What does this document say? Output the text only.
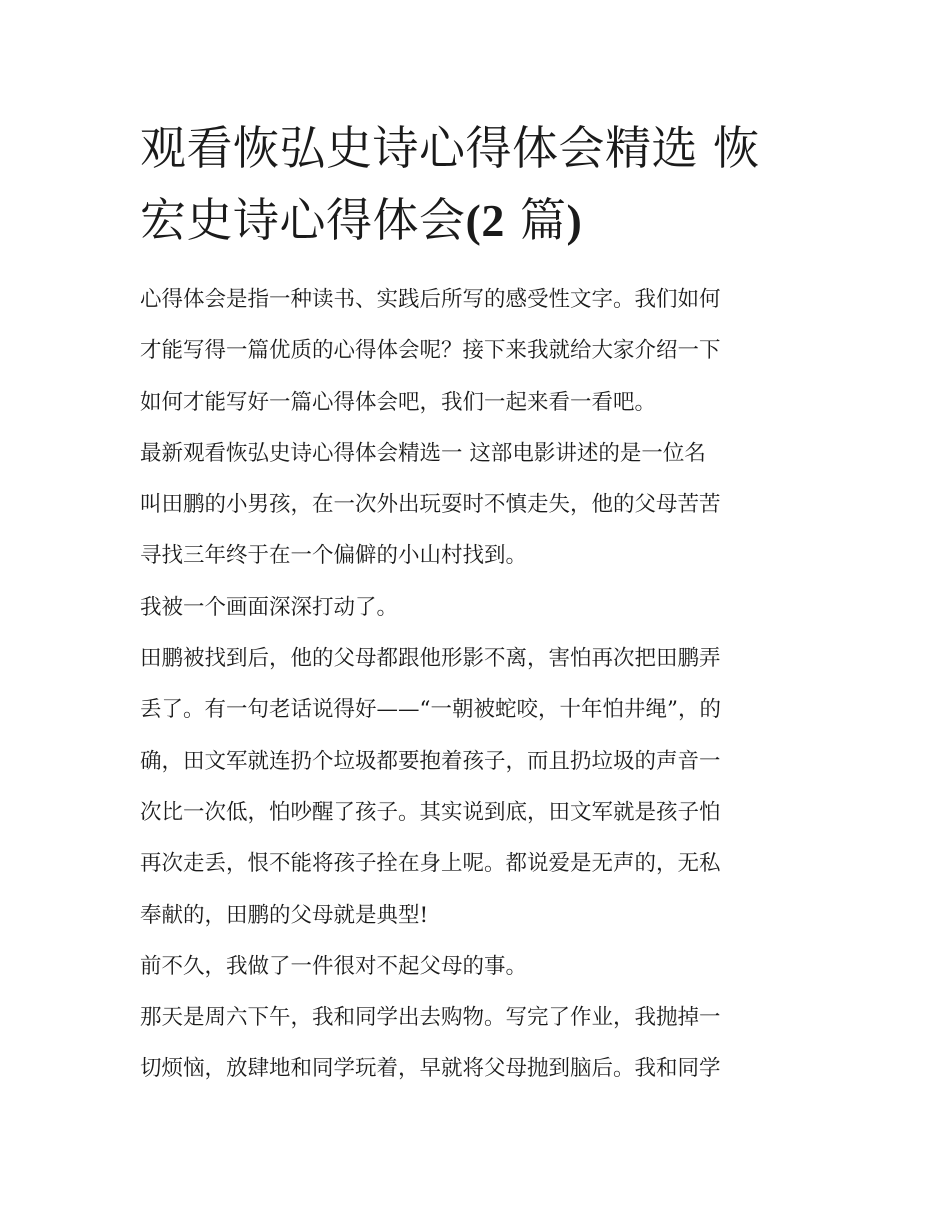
观看恢弘史诗心得体会精选 恢
宏史诗心得体会(2 篇)
心得体会是指一种读书、实践后所写的感受性文字。我们如何
才能写得一篇优质的心得体会呢？接下来我就给大家介绍一下
如何才能写好一篇心得体会吧，我们一起来看一看吧。
最新观看恢弘史诗心得体会精选一 这部电影讲述的是一位名
叫田鹏的小男孩，在一次外出玩耍时不慎走失，他的父母苦苦
寻找三年终于在一个偏僻的小山村找到。
我被一个画面深深打动了。
田鹏被找到后，他的父母都跟他形影不离，害怕再次把田鹏弄
丢了。有一句老话说得好——“一朝被蛇咬，十年怕井绳”，的
确，田文军就连扔个垃圾都要抱着孩子，而且扔垃圾的声音一
次比一次低，怕吵醒了孩子。其实说到底，田文军就是孩子怕
再次走丢，恨不能将孩子拴在身上呢。都说爱是无声的，无私
奉献的，田鹏的父母就是典型!
前不久，我做了一件很对不起父母的事。
那天是周六下午，我和同学出去购物。写完了作业，我抛掉一
切烦恼，放肆地和同学玩着，早就将父母抛到脑后。我和同学
